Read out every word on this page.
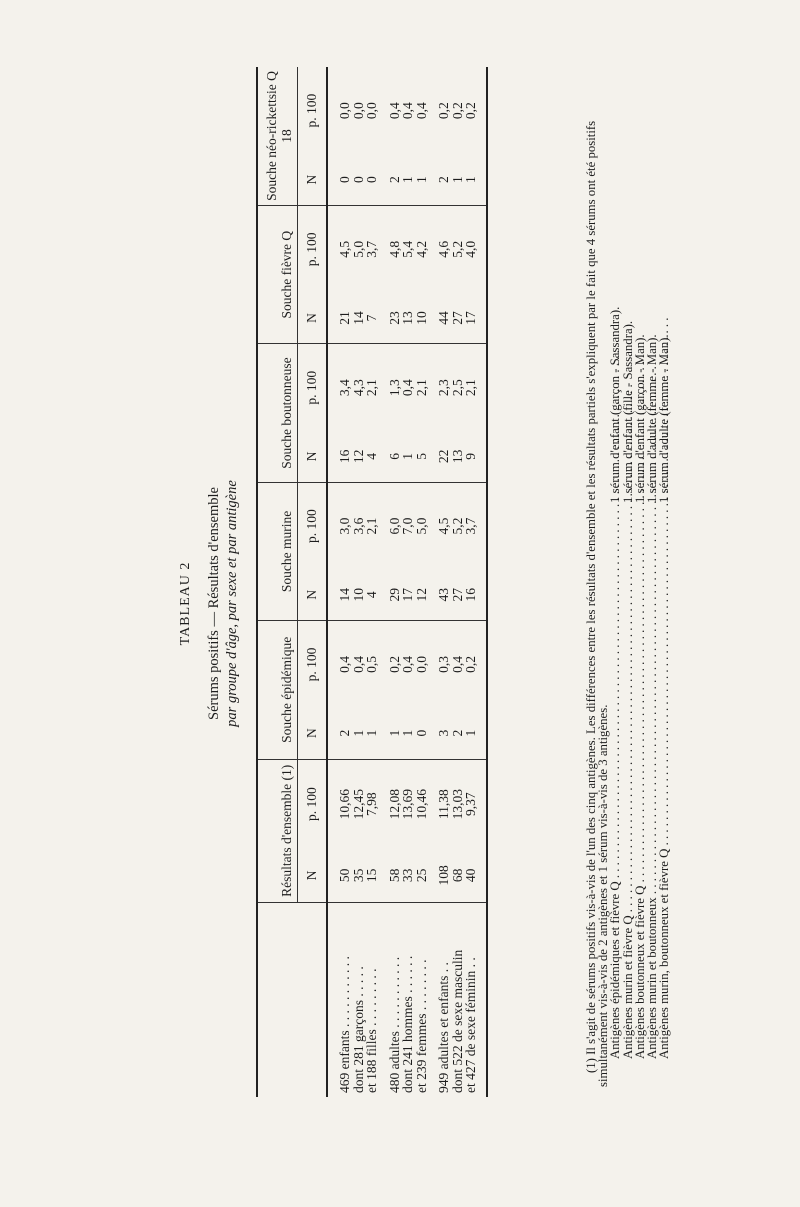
TABLEAU 2 Sérums positifs — Résultats d'ensemble par groupe d'âge, par sexe et par antigène
	Résultats d'ensemble (1)		Souche épidémique		Souche murine		Souche boutonneuse		Souche fièvre Q		Souche néo-rickettsie Q 18	
	N	p. 100	N	p. 100	N	p. 100	N	p. 100	N	p. 100	N	p. 100
469 enfants . . . . . . . . . . .	50	10,66	2	0,4	14	3,0	16	3,4	21	4,5	0	0,0
dont 281 garçons . . . . .	35	12,45	1	0,4	10	3,6	12	4,3	14	5,0	0	0,0
et 188 filles . . . . . . . . .	15	7,98	1	0,5	4	2,1	4	2,1	7	3,7	0	0,0

480 adultes . . . . . . . . . . .	58	12,08	1	0,2	29	6,0	6	1,3	23	4,8	2	0,4
dont 241 hommes . . . . . .	33	13,69	1	0,4	17	7,0	1	0,4	13	5,4	1	0,4
et 239 femmes . . . . . . . .	25	10,46	0	0,0	12	5,0	5	2,1	10	4,2	1	0,4

949 adultes et enfants . .	108	11,38	3	0,3	43	4,5	22	2,3	44	4,6	2	0,2
dont 522 de sexe masculin	68	13,03	2	0,4	27	5,2	13	2,5	27	5,2	1	0,2
et 427 de sexe féminin . .	40	9,37	1	0,2	16	3,7	9	2,1	17	4,0	1	0,2
(1) Il s'agit de sérums positifs vis-à-vis de l'un des cinq antigènes. Les différences entre les résultats d'ensemble et les résultats partiels s'expliquent par le fait que 4 sérums ont été positifs simultanément vis-à-vis de 2 antigènes et 1 sérum vis-à-vis de 3 antigènes.
Antigènes épidémiques et fièvre Q . . .
1 sérum d'enfant (garçon - Sassandra).
Antigènes murin et fièvre Q . . .
1 sérum d'enfant (fille - Sassandra).
Antigènes boutonneux et fièvre Q . . .
1 sérum d'enfant (garçon - Man).
Antigènes murin et boutonneux . . .
1 sérum d'adulte (femme - Man).
Antigènes murin, boutonneux et fièvre Q . . .
1 sérum d'adulte (femme - Man).
